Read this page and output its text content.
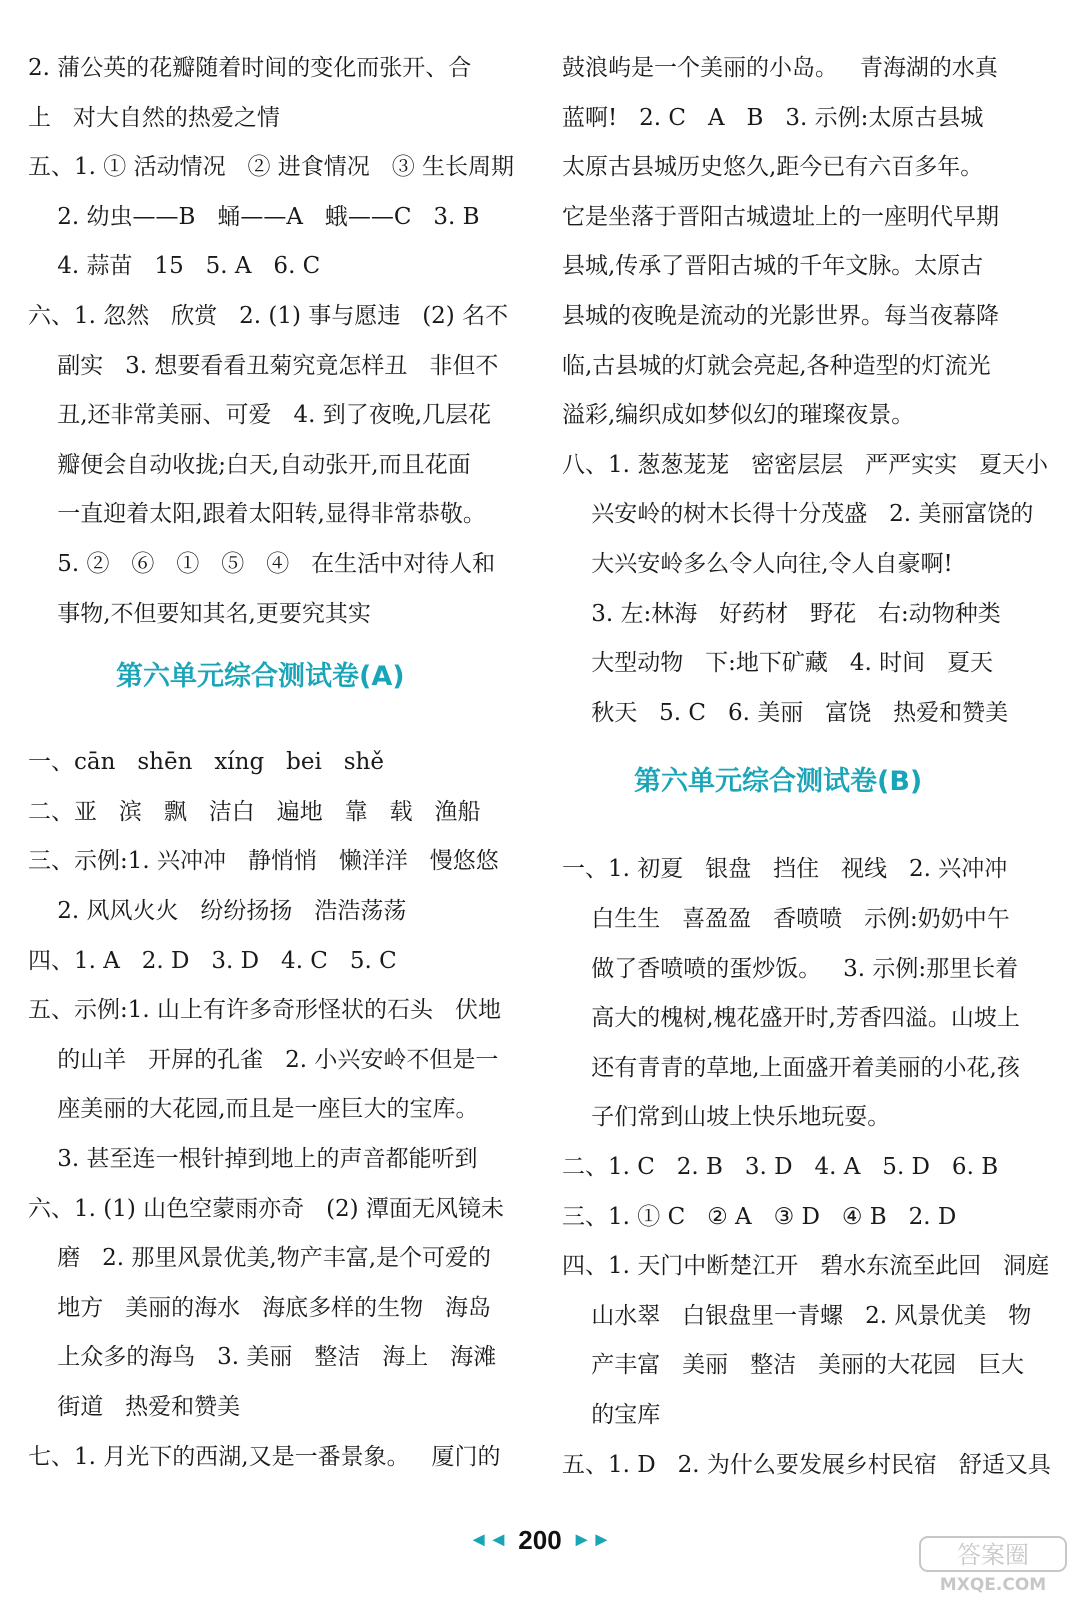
2. 蒲公英的花瓣随着时间的变化而张开、合
上   对大自然的热爱之情
五、1. ① 活动情况   ② 进食情况   ③ 生长周期
2. 幼虫——B   蛹——A   蛾——C   3. B
4. 蒜苗   15   5. A   6. C
六、1. 忽然   欣赏   2. (1) 事与愿违   (2) 名不
副实   3. 想要看看丑菊究竟怎样丑   非但不
丑,还非常美丽、可爱   4. 到了夜晚,几层花
瓣便会自动收拢;白天,自动张开,而且花面
一直迎着太阳,跟着太阳转,显得非常恭敬。
5. ②   ⑥   ①   ⑤   ④   在生活中对待人和
事物,不但要知其名,更要究其实
第六单元综合测试卷(A)
一、cān   shēn   xíng   bei   shě
二、亚   滨   飘   洁白   遍地   靠   载   渔船
三、示例:1. 兴冲冲   静悄悄   懒洋洋   慢悠悠
2. 风风火火   纷纷扬扬   浩浩荡荡
四、1. A   2. D   3. D   4. C   5. C
五、示例:1. 山上有许多奇形怪状的石头   伏地
的山羊   开屏的孔雀   2. 小兴安岭不但是一
座美丽的大花园,而且是一座巨大的宝库。
3. 甚至连一根针掉到地上的声音都能听到
六、1. (1) 山色空蒙雨亦奇   (2) 潭面无风镜未
磨   2. 那里风景优美,物产丰富,是个可爱的
地方   美丽的海水   海底多样的生物   海岛
上众多的海鸟   3. 美丽   整洁   海上   海滩
街道   热爱和赞美
七、1. 月光下的西湖,又是一番景象。   厦门的
鼓浪屿是一个美丽的小岛。   青海湖的水真
蓝啊!   2. C   A   B   3. 示例:太原古县城
太原古县城历史悠久,距今已有六百多年。
它是坐落于晋阳古城遗址上的一座明代早期
县城,传承了晋阳古城的千年文脉。太原古
县城的夜晚是流动的光影世界。每当夜幕降
临,古县城的灯就会亮起,各种造型的灯流光
溢彩,编织成如梦似幻的璀璨夜景。
八、1. 葱葱茏茏   密密层层   严严实实   夏天小
兴安岭的树木长得十分茂盛   2. 美丽富饶的
大兴安岭多么令人向往,令人自豪啊!
3. 左:林海   好药材   野花   右:动物种类
大型动物   下:地下矿藏   4. 时间   夏天
秋天   5. C   6. 美丽   富饶   热爱和赞美
第六单元综合测试卷(B)
一、1. 初夏   银盘   挡住   视线   2. 兴冲冲
白生生   喜盈盈   香喷喷   示例:奶奶中午
做了香喷喷的蛋炒饭。   3. 示例:那里长着
高大的槐树,槐花盛开时,芳香四溢。山坡上
还有青青的草地,上面盛开着美丽的小花,孩
子们常到山坡上快乐地玩耍。
二、1. C   2. B   3. D   4. A   5. D   6. B
三、1. ① C   ② A   ③ D   ④ B   2. D
四、1. 天门中断楚江开   碧水东流至此回   洞庭
山水翠   白银盘里一青螺   2. 风景优美   物
产丰富   美丽   整洁   美丽的大花园   巨大
的宝库
五、1. D   2. 为什么要发展乡村民宿   舒适又具
◄◄ 200 ►►
答案圈
MXQE.COM
